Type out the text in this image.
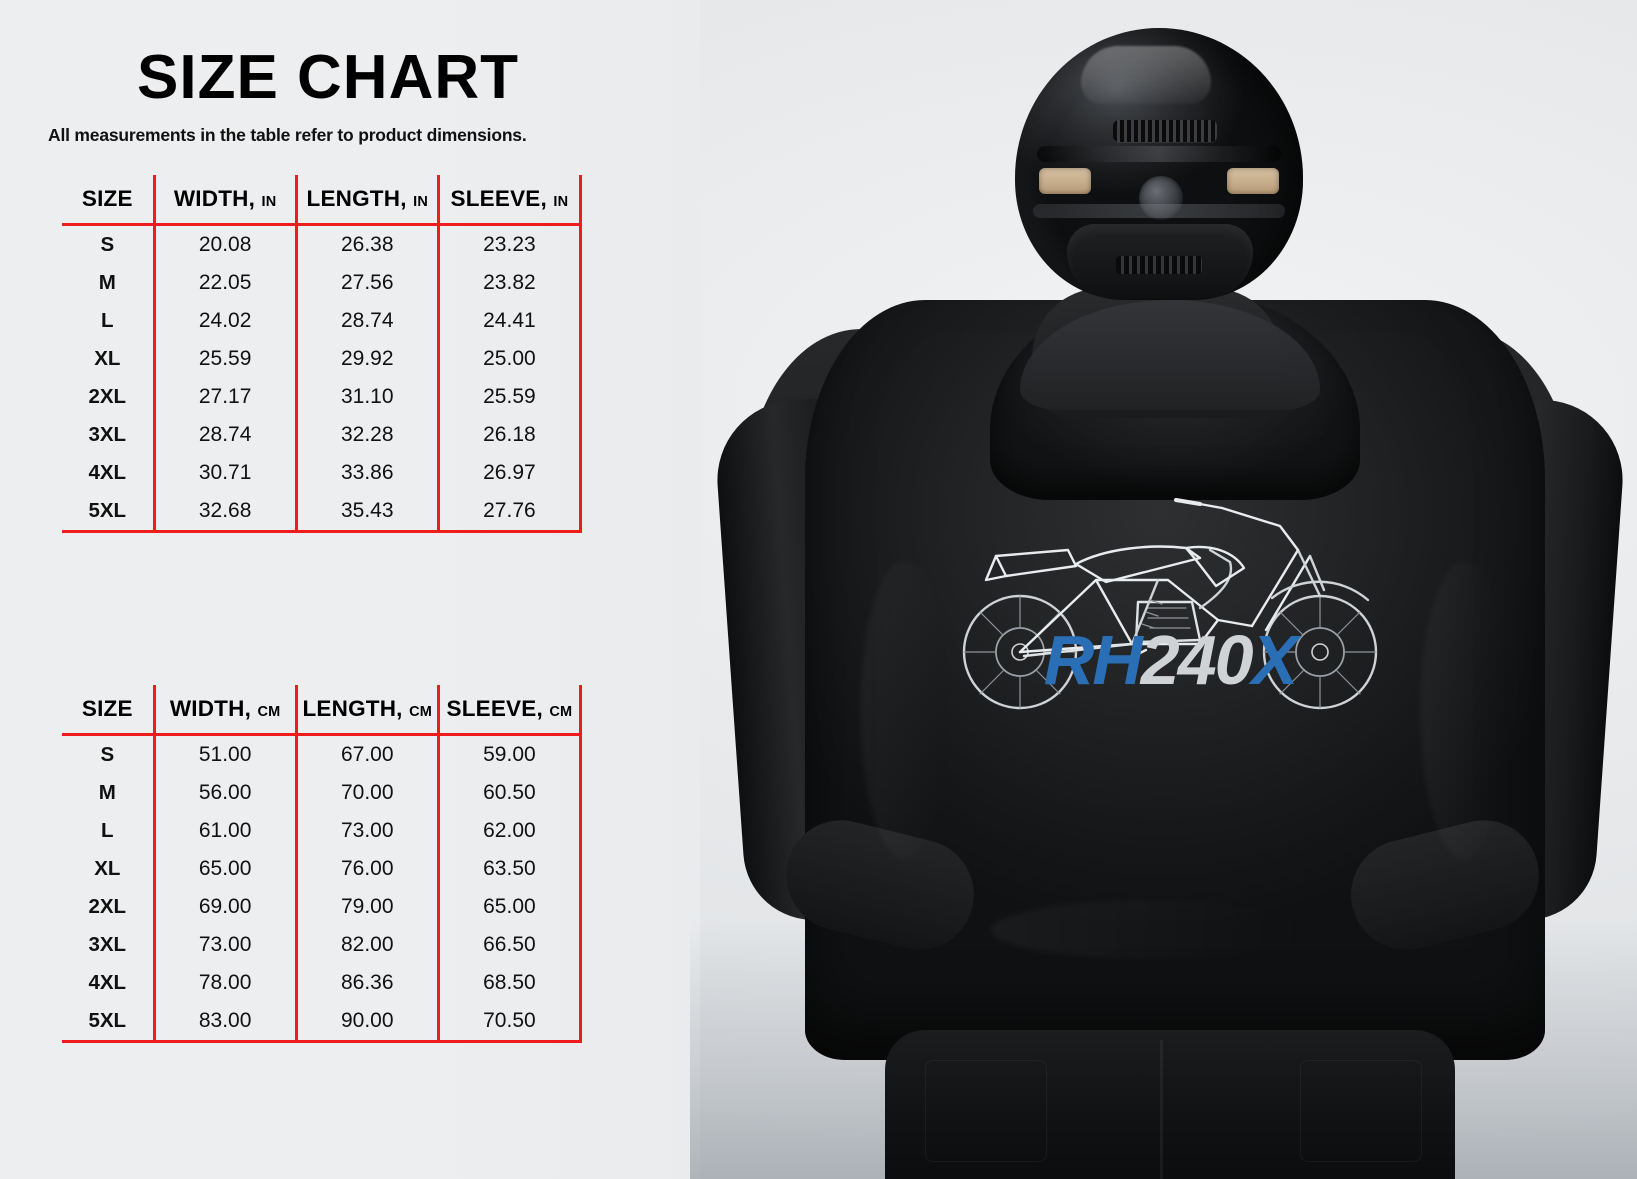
SIZE CHART
All measurements in the table refer to product dimensions.
SIZE	WIDTH, IN	LENGTH, IN	SLEEVE, IN
S	20.08	26.38	23.23
M	22.05	27.56	23.82
L	24.02	28.74	24.41
XL	25.59	29.92	25.00
2XL	27.17	31.10	25.59
3XL	28.74	32.28	26.18
4XL	30.71	33.86	26.97
5XL	32.68	35.43	27.76
SIZE	WIDTH, CM	LENGTH, CM	SLEEVE, CM
S	51.00	67.00	59.00
M	56.00	70.00	60.50
L	61.00	73.00	62.00
XL	65.00	76.00	63.50
2XL	69.00	79.00	65.00
3XL	73.00	82.00	66.50
4XL	78.00	86.36	68.50
5XL	83.00	90.00	70.50
RH240X
